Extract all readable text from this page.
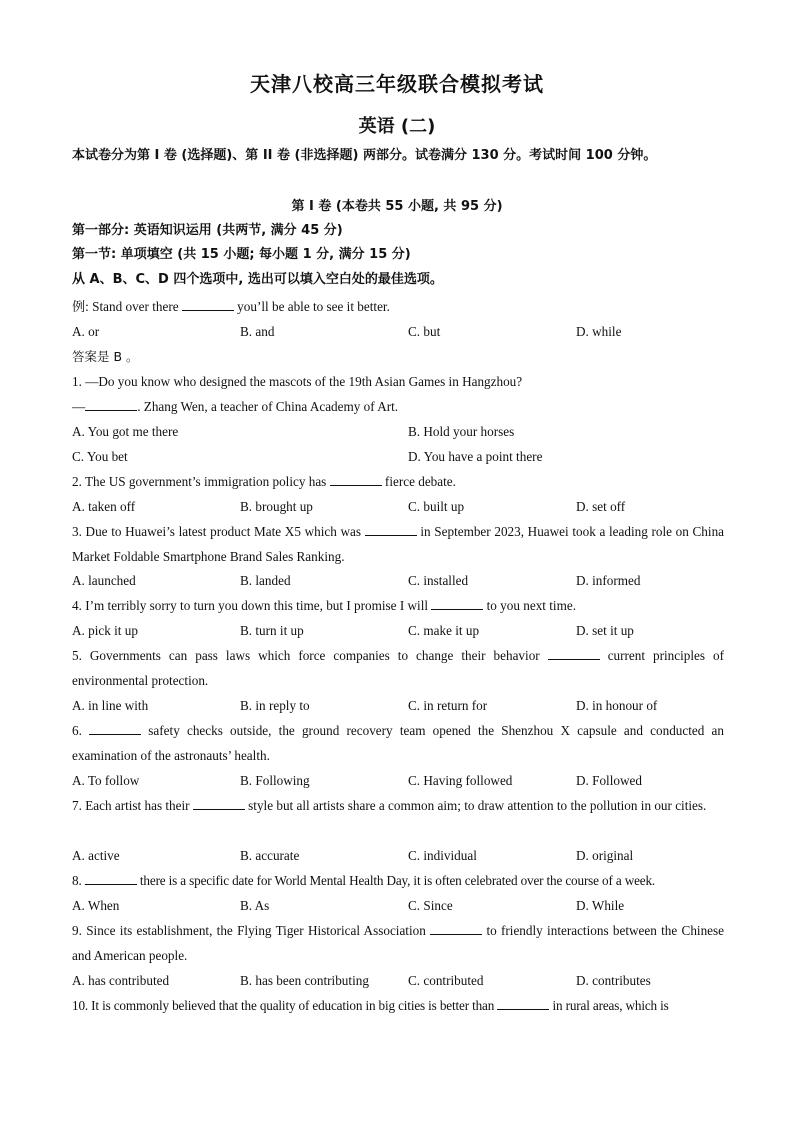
天津八校高三年级联合模拟考试
英语 (二)
本试卷分为第 I 卷 (选择题)、第 II 卷 (非选择题) 两部分。试卷满分 130 分。考试时间 100 分钟。
第 I 卷 (本卷共 55 小题, 共 95 分)
第一部分: 英语知识运用 (共两节, 满分 45 分)
第一节: 单项填空 (共 15 小题; 每小题 1 分, 满分 15 分)
从 A、B、C、D 四个选项中, 选出可以填入空白处的最佳选项。
例: Stand over there	you’ll be able to see it better.
A. or	B. and	C. but	D. while
答案是 B 。
1. —Do you know who designed the mascots of the 19th Asian Games in Hangzhou?
—	. Zhang Wen, a teacher of China Academy of Art.
A. You got me there	B. Hold your horses
C. You bet	D. You have a point there
2. The US government’s immigration policy has	fierce debate.
A. taken off	B. brought up	C. built up	D. set off
3. Due to Huawei’s latest product Mate X5 which was	in September 2023, Huawei took a leading role on China Market Foldable Smartphone Brand Sales Ranking.
A. launched	B. landed	C. installed	D. informed
4. I’m terribly sorry to turn you down this time, but I promise I will	to you next time.
A. pick it up	B. turn it up	C. make it up	D. set it up
5. Governments can pass laws which force companies to change their behavior	current principles of environmental protection.
A. in line with	B. in reply to	C. in return for	D. in honour of
6.	safety checks outside, the ground recovery team opened the Shenzhou X capsule and conducted an examination of the astronauts’ health.
A. To follow	B. Following	C. Having followed	D. Followed
7. Each artist has their	style but all artists share a common aim; to draw attention to the pollution in our cities.
A. active	B. accurate	C. individual	D. original
8.	there is a specific date for World Mental Health Day, it is often celebrated over the course of a week.
A. When	B. As	C. Since	D. While
9. Since its establishment, the Flying Tiger Historical Association	to friendly interactions between the Chinese and American people.
A. has contributed	B. has been contributing	C. contributed	D. contributes
10. It is commonly believed that the quality of education in big cities is better than	in rural areas, which is
